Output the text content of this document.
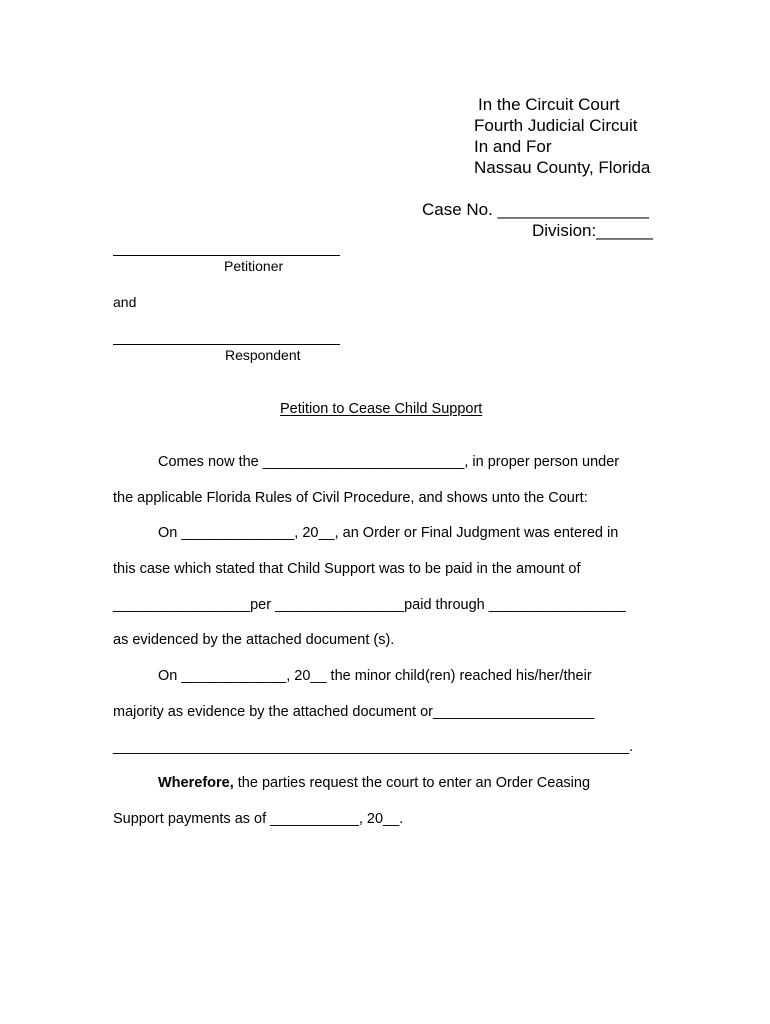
In the Circuit Court
Fourth Judicial Circuit
In and For
Nassau County, Florida
Case No. ________________
Division:______
Petitioner
and
Respondent
Petition to Cease Child Support
Comes now the _________________________, in proper person under
the applicable Florida Rules of Civil Procedure, and shows unto the Court:
On ______________, 20__, an Order or Final Judgment was entered in
this case which stated that Child Support was to be paid in the amount of
_________________per ________________paid through _________________
as evidenced by the attached document (s).
On _____________, 20__ the minor child(ren) reached his/her/their
majority as evidence by the attached document or____________________
________________________________________________________________.
Wherefore, the parties request the court to enter an Order Ceasing
Support payments as of ___________, 20__.
